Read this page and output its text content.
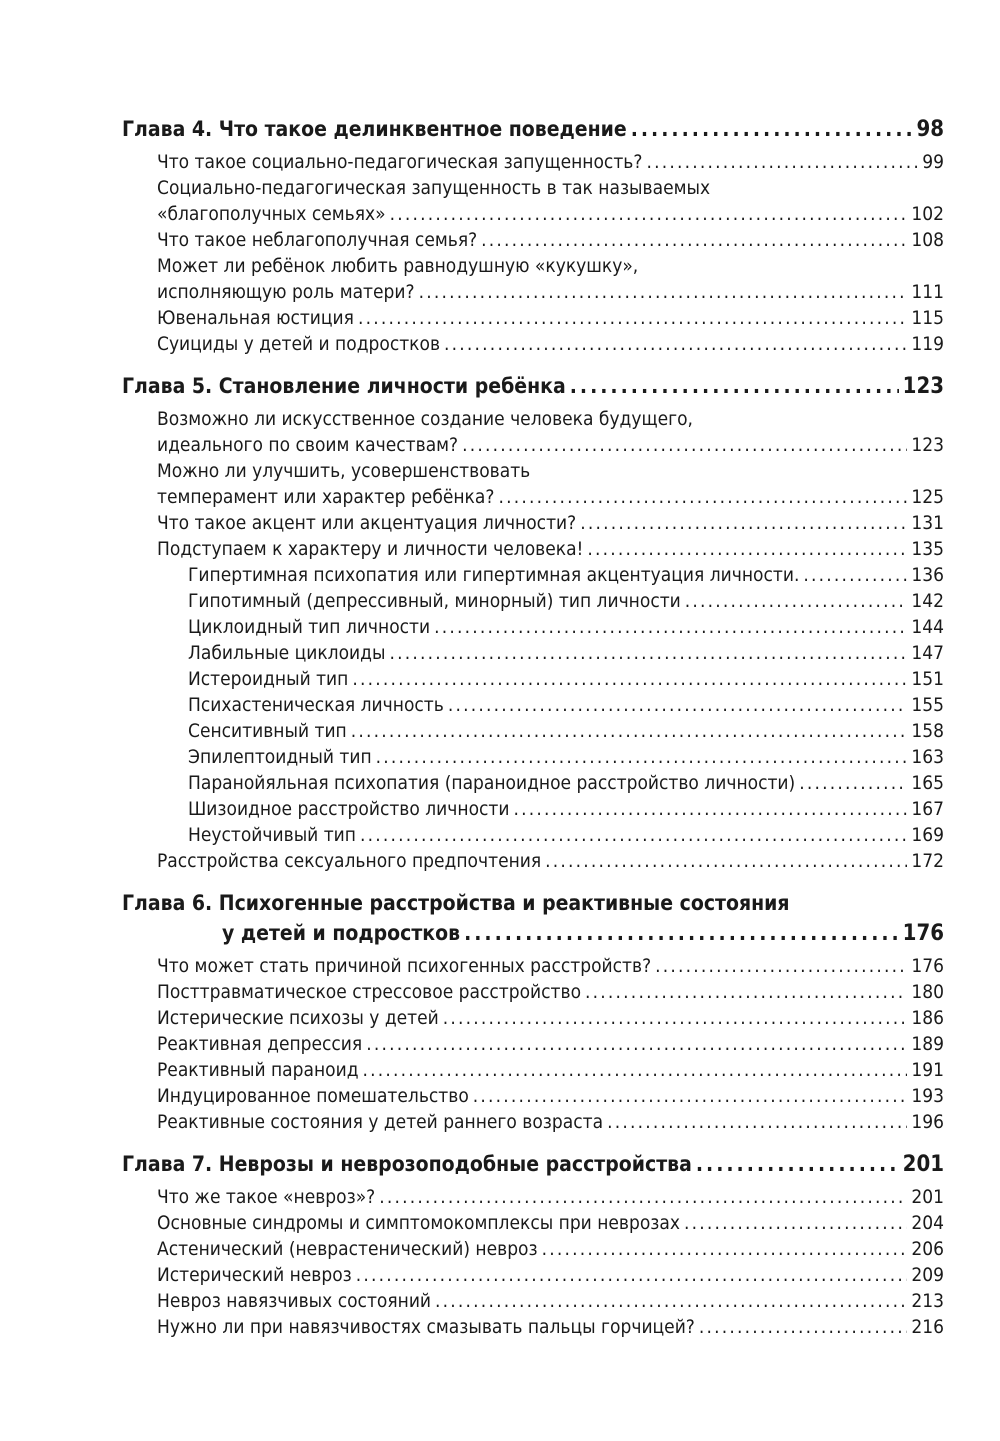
Глава 4. Что такое делинквентное поведение .....	98
Что такое социально-педагогическая запущенность? .....	99
Социально-педагогическая запущенность в так называемых
«благополучных семьях» .....	102
Что такое неблагополучная семья? .....	108
Может ли ребёнок любить равнодушную «кукушку»,
исполняющую роль матери? .....	111
Ювенальная юстиция .....	115
Суициды у детей и подростков .....	119
Глава 5. Становление личности ребёнка .....	123
Возможно ли искусственное создание человека будущего,
идеального по своим качествам? .....	123
Можно ли улучшить, усовершенствовать
темперамент или характер ребёнка? .....	125
Что такое акцент или акцентуация личности? .....	131
Подступаем к характеру и личности человека! .....	135
Гипертимная психопатия или гипертимная акцентуация личности. .....	136
Гипотимный (депрессивный, минорный) тип личности .....	142
Циклоидный тип личности .....	144
Лабильные циклоиды .....	147
Истероидный тип .....	151
Психастеническая личность .....	155
Сенситивный тип .....	158
Эпилептоидный тип .....	163
Паранойяльная психопатия (параноидное расстройство личности) .....	165
Шизоидное расстройство личности .....	167
Неустойчивый тип .....	169
Расстройства сексуального предпочтения .....	172
Глава 6. Психогенные расстройства и реактивные состояния
у детей и подростков .....	176
Что может стать причиной психогенных расстройств? .....	176
Посттравматическое стрессовое расстройство .....	180
Истерические психозы у детей .....	186
Реактивная депрессия .....	189
Реактивный параноид .....	191
Индуцированное помешательство .....	193
Реактивные состояния у детей раннего возраста .....	196
Глава 7. Неврозы и неврозоподобные расстройства .....	201
Что же такое «невроз»? .....	201
Основные синдромы и симптомокомплексы при неврозах .....	204
Астенический (неврастенический) невроз .....	206
Истерический невроз .....	209
Невроз навязчивых состояний .....	213
Нужно ли при навязчивостях смазывать пальцы горчицей? .....	216
